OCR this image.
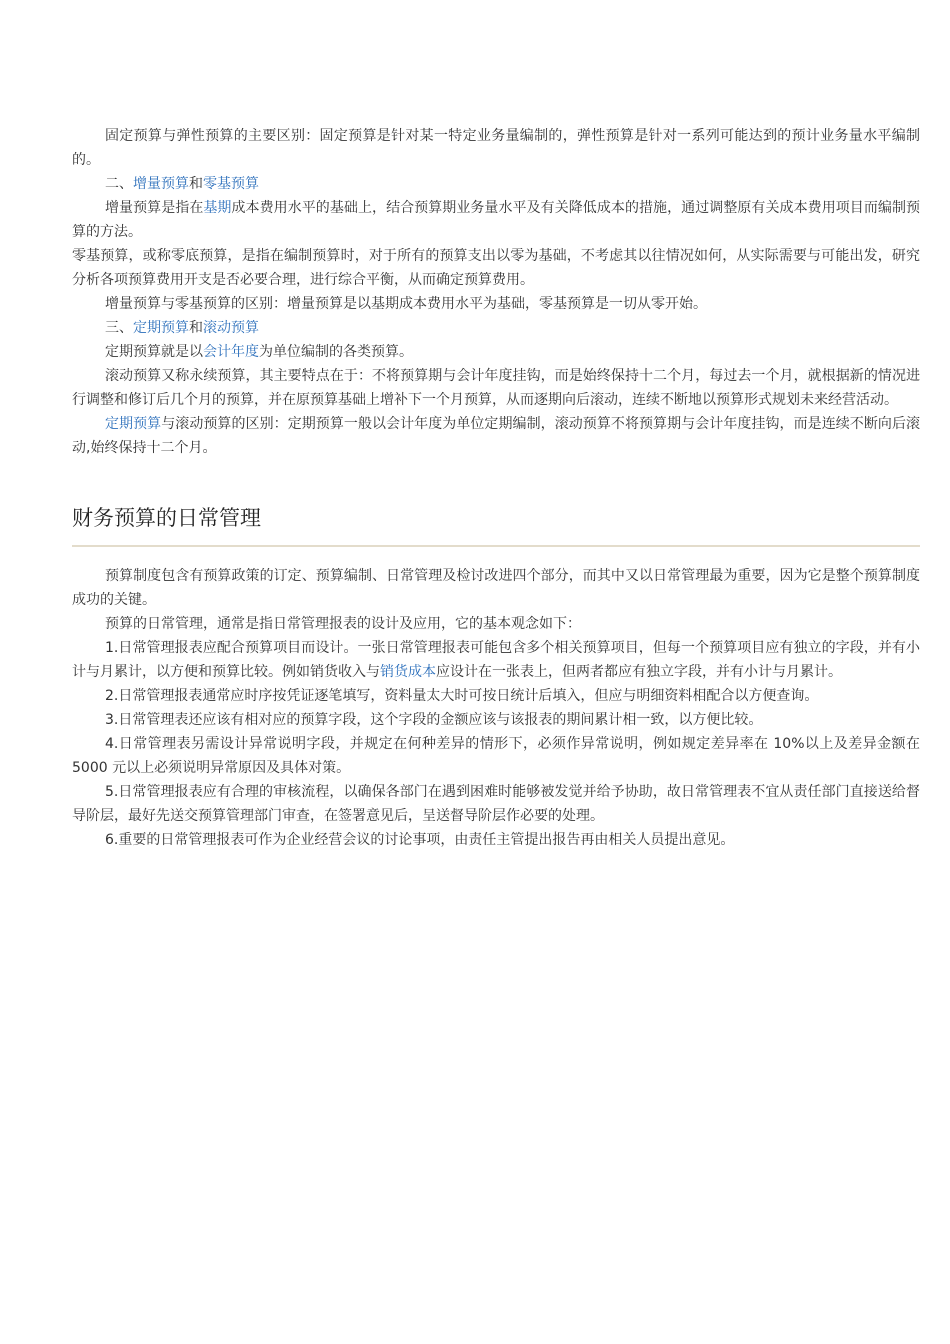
固定预算与弹性预算的主要区别：固定预算是针对某一特定业务量编制的，弹性预算是针对一系列可能达到的预计业务量水平编制的。

二、增量预算和零基预算

增量预算是指在基期成本费用水平的基础上，结合预算期业务量水平及有关降低成本的措施，通过调整原有关成本费用项目而编制预算的方法。

零基预算，或称零底预算，是指在编制预算时，对于所有的预算支出以零为基础，不考虑其以往情况如何，从实际需要与可能出发，研究分析各项预算费用开支是否必要合理，进行综合平衡，从而确定预算费用。

增量预算与零基预算的区别：增量预算是以基期成本费用水平为基础，零基预算是一切从零开始。

三、定期预算和滚动预算

定期预算就是以会计年度为单位编制的各类预算。

滚动预算又称永续预算，其主要特点在于：不将预算期与会计年度挂钩，而是始终保持十二个月，每过去一个月，就根据新的情况进行调整和修订后几个月的预算，并在原预算基础上增补下一个月预算，从而逐期向后滚动，连续不断地以预算形式规划未来经营活动。

定期预算与滚动预算的区别：定期预算一般以会计年度为单位定期编制，滚动预算不将预算期与会计年度挂钩，而是连续不断向后滚动,始终保持十二个月。

财务预算的日常管理

预算制度包含有预算政策的订定、预算编制、日常管理及检讨改进四个部分，而其中又以日常管理最为重要，因为它是整个预算制度成功的关键。

预算的日常管理，通常是指日常管理报表的设计及应用，它的基本观念如下：

1.日常管理报表应配合预算项目而设计。一张日常管理报表可能包含多个相关预算项目，但每一个预算项目应有独立的字段，并有小计与月累计，以方便和预算比较。例如销货收入与销货成本应设计在一张表上，但两者都应有独立字段，并有小计与月累计。

2.日常管理报表通常应时序按凭证逐笔填写，资料量太大时可按日统计后填入，但应与明细资料相配合以方便查询。

3.日常管理表还应该有相对应的预算字段，这个字段的金额应该与该报表的期间累计相一致，以方便比较。

4.日常管理表另需设计异常说明字段，并规定在何种差异的情形下，必须作异常说明，例如规定差异率在 10%以上及差异金额在 5000 元以上必须说明异常原因及具体对策。

5.日常管理报表应有合理的审核流程，以确保各部门在遇到困难时能够被发觉并给予协助，故日常管理表不宜从责任部门直接送给督导阶层，最好先送交预算管理部门审查，在签署意见后，呈送督导阶层作必要的处理。

6.重要的日常管理报表可作为企业经营会议的讨论事项，由责任主管提出报告再由相关人员提出意见。
